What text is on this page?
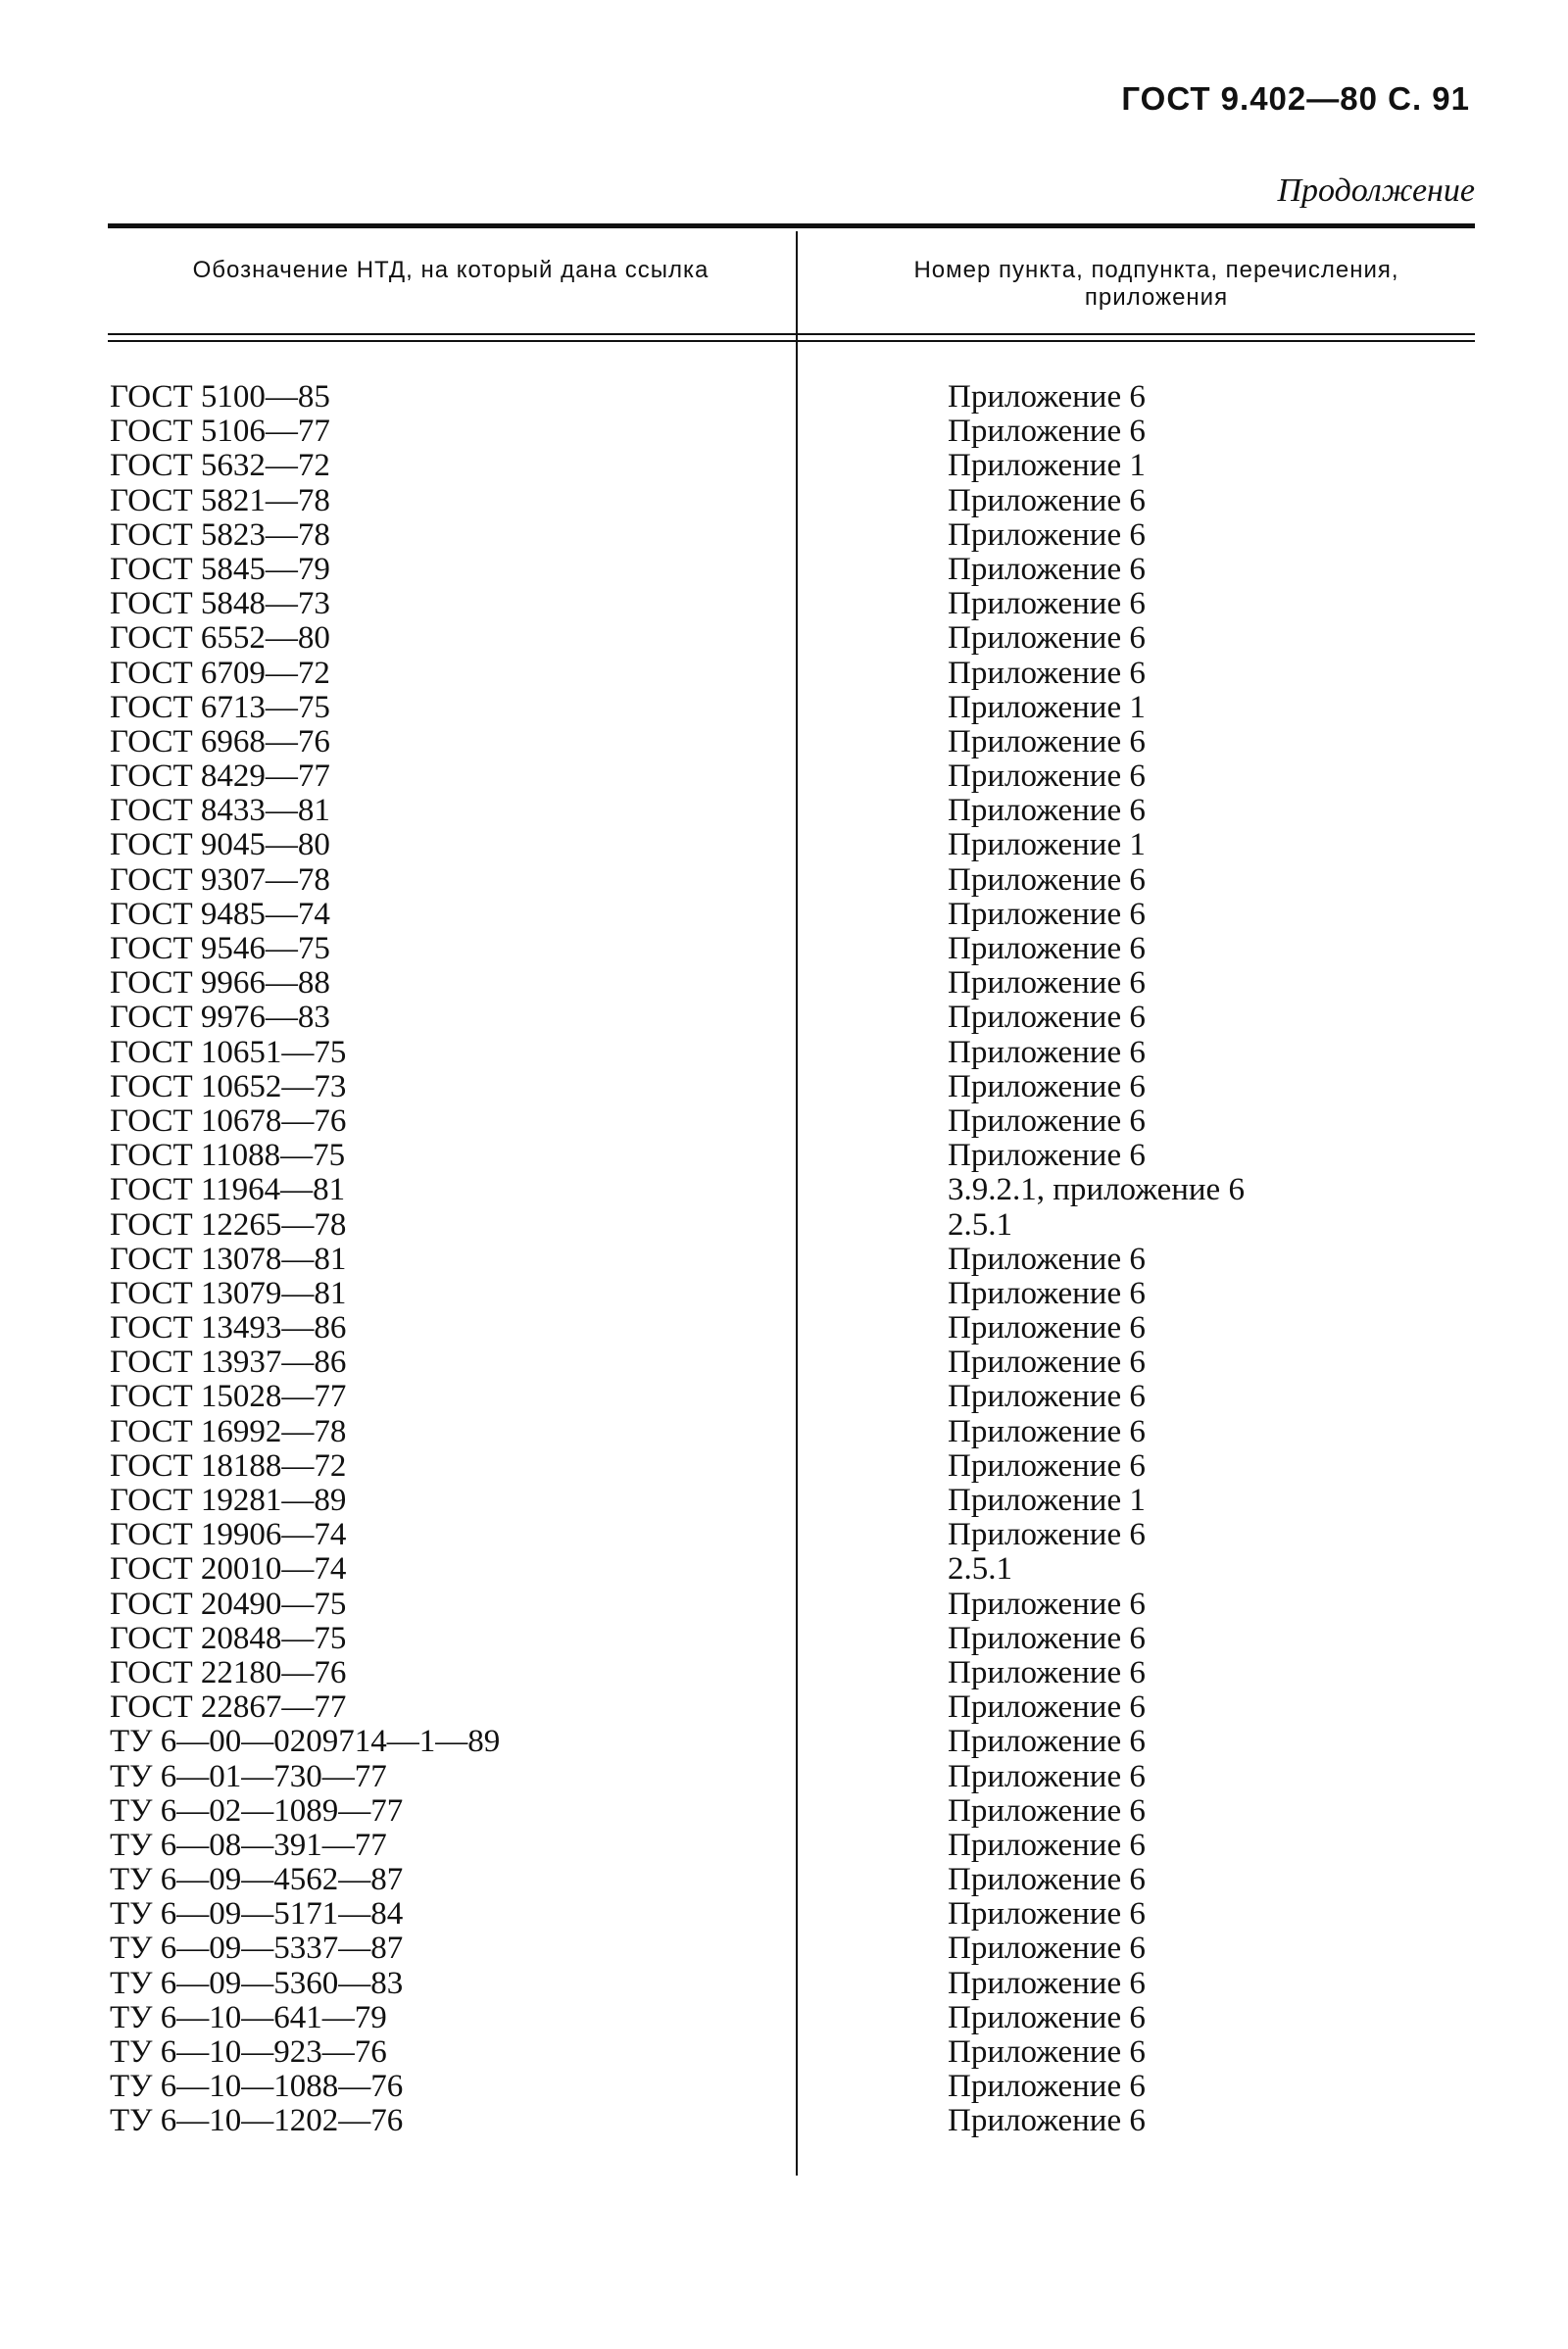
ГОСТ 9.402—80 С. 91
Продолжение
Обозначение НТД, на который дана ссылка	Номер пункта, подпункта, перечисления, приложения
ГОСТ 5100—85	Приложение 6
ГОСТ 5106—77	Приложение 6
ГОСТ 5632—72	Приложение 1
ГОСТ 5821—78	Приложение 6
ГОСТ 5823—78	Приложение 6
ГОСТ 5845—79	Приложение 6
ГОСТ 5848—73	Приложение 6
ГОСТ 6552—80	Приложение 6
ГОСТ 6709—72	Приложение 6
ГОСТ 6713—75	Приложение 1
ГОСТ 6968—76	Приложение 6
ГОСТ 8429—77	Приложение 6
ГОСТ 8433—81	Приложение 6
ГОСТ 9045—80	Приложение 1
ГОСТ 9307—78	Приложение 6
ГОСТ 9485—74	Приложение 6
ГОСТ 9546—75	Приложение 6
ГОСТ 9966—88	Приложение 6
ГОСТ 9976—83	Приложение 6
ГОСТ 10651—75	Приложение 6
ГОСТ 10652—73	Приложение 6
ГОСТ 10678—76	Приложение 6
ГОСТ 11088—75	Приложение 6
ГОСТ 11964—81	3.9.2.1, приложение 6
ГОСТ 12265—78	2.5.1
ГОСТ 13078—81	Приложение 6
ГОСТ 13079—81	Приложение 6
ГОСТ 13493—86	Приложение 6
ГОСТ 13937—86	Приложение 6
ГОСТ 15028—77	Приложение 6
ГОСТ 16992—78	Приложение 6
ГОСТ 18188—72	Приложение 6
ГОСТ 19281—89	Приложение 1
ГОСТ 19906—74	Приложение 6
ГОСТ 20010—74	2.5.1
ГОСТ 20490—75	Приложение 6
ГОСТ 20848—75	Приложение 6
ГОСТ 22180—76	Приложение 6
ГОСТ 22867—77	Приложение 6
ТУ 6—00—0209714—1—89	Приложение 6
ТУ 6—01—730—77	Приложение 6
ТУ 6—02—1089—77	Приложение 6
ТУ 6—08—391—77	Приложение 6
ТУ 6—09—4562—87	Приложение 6
ТУ 6—09—5171—84	Приложение 6
ТУ 6—09—5337—87	Приложение 6
ТУ 6—09—5360—83	Приложение 6
ТУ 6—10—641—79	Приложение 6
ТУ 6—10—923—76	Приложение 6
ТУ 6—10—1088—76	Приложение 6
ТУ 6—10—1202—76	Приложение 6
